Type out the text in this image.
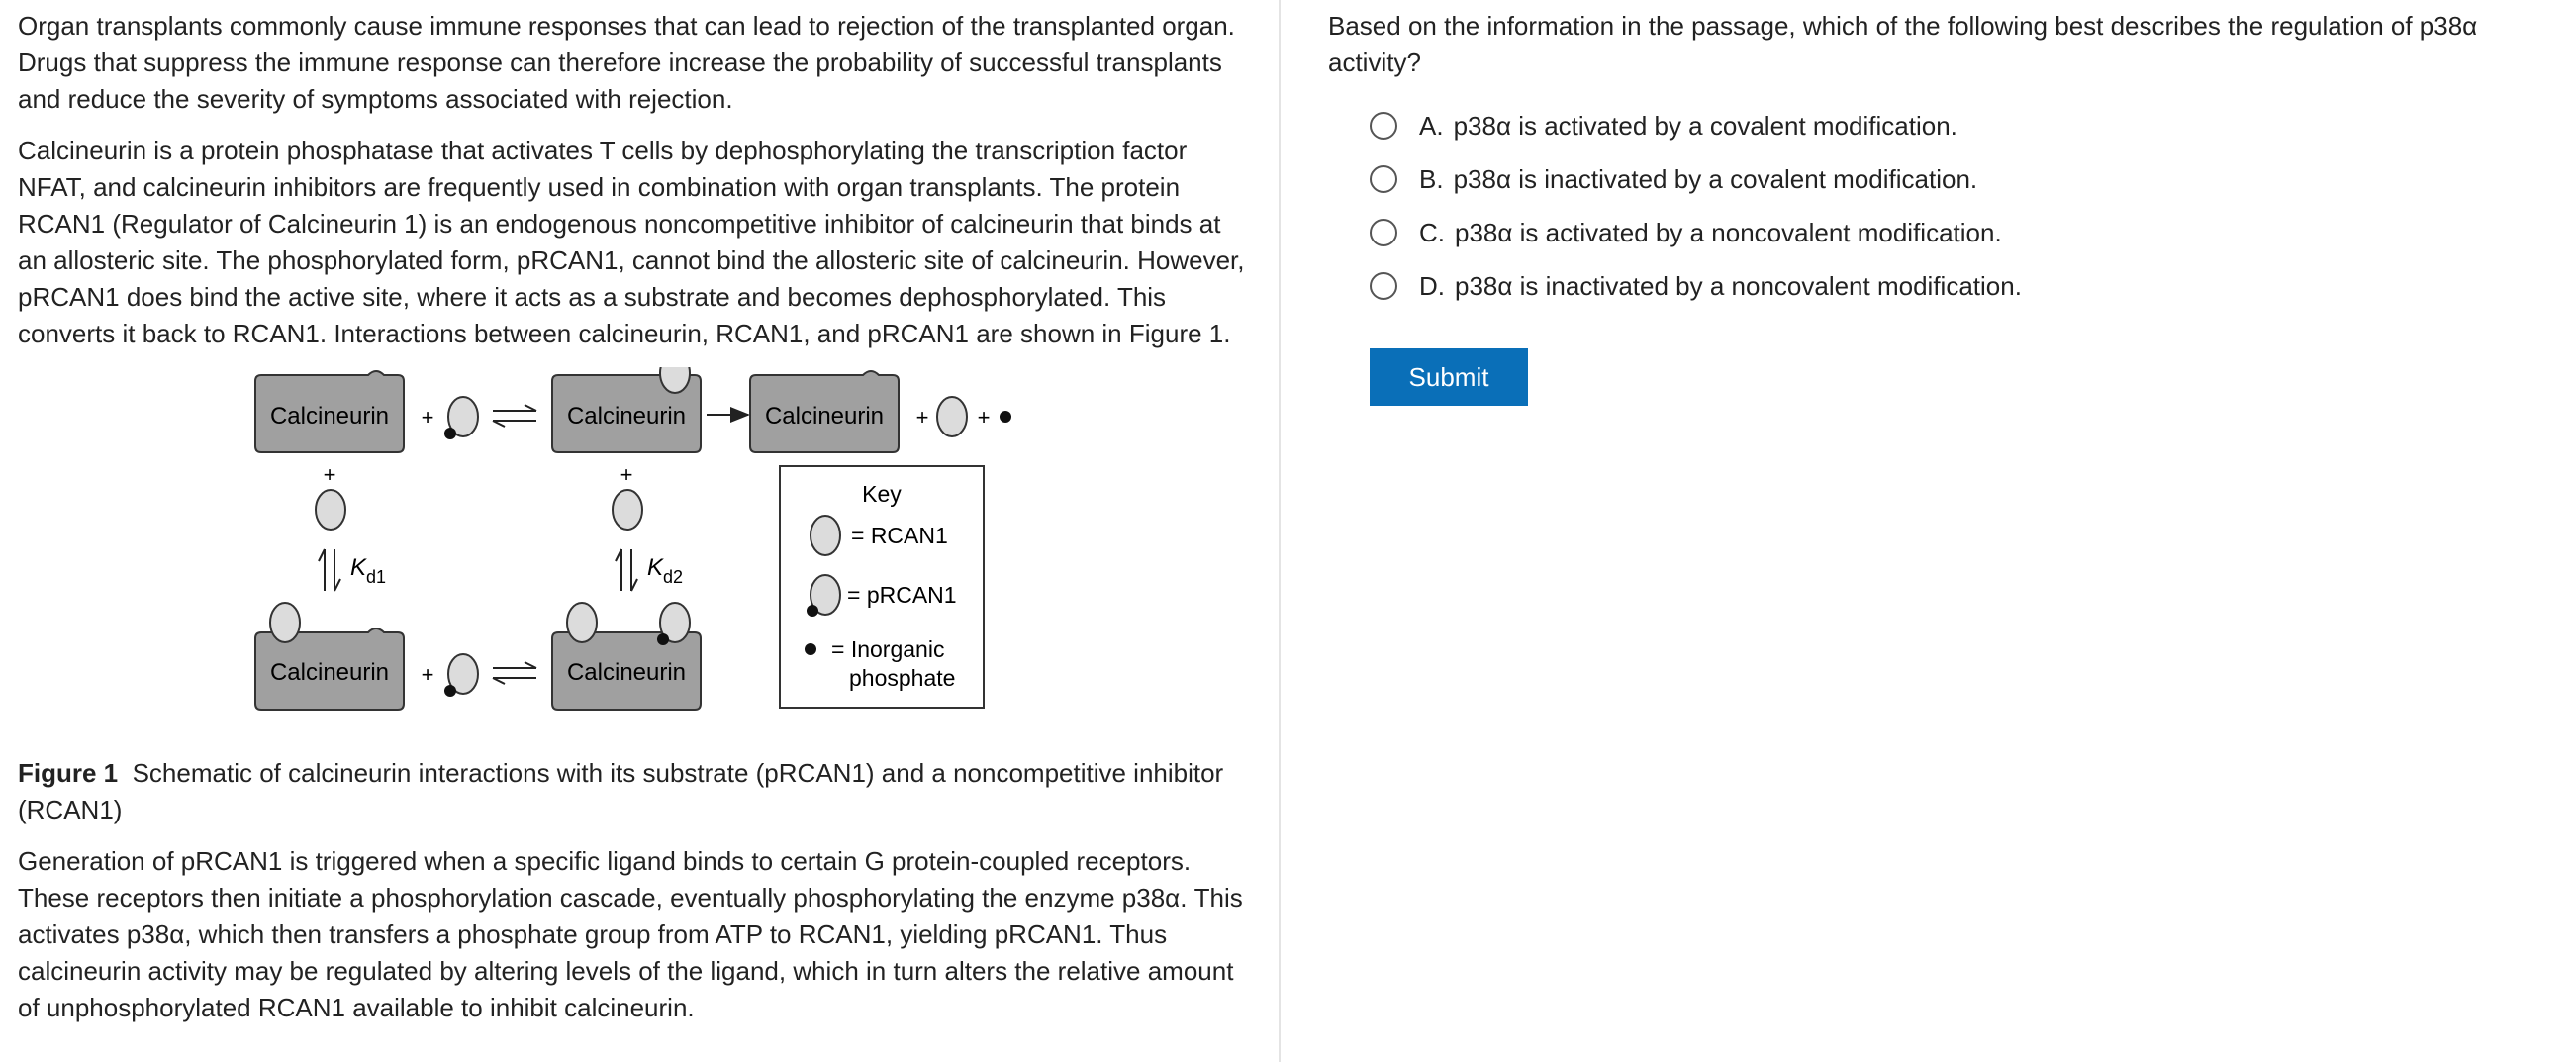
Organ transplants commonly cause immune responses that can lead to rejection of the transplanted organ. Drugs that suppress the immune response can therefore increase the probability of successful transplants and reduce the severity of symptoms associated with rejection.

Calcineurin is a protein phosphatase that activates T cells by dephosphorylating the transcription factor NFAT, and calcineurin inhibitors are frequently used in combination with organ transplants. The protein RCAN1 (Regulator of Calcineurin 1) is an endogenous noncompetitive inhibitor of calcineurin that binds at an allosteric site. The phosphorylated form, pRCAN1, cannot bind the allosteric site of calcineurin. However, pRCAN1 does bind the active site, where it acts as a substrate and becomes dephosphorylated. This converts it back to RCAN1. Interactions between calcineurin, RCAN1, and pRCAN1 are shown in Figure 1.

Calcineurin +	Calcineurin	Calcineurin + +
+
$K_{d1}$
+
$K_{d2}$
Calcineurin +	Calcineurin
Key
= RCAN1
= pRCAN1
= Inorganic
phosphate

Figure 1 Schematic of calcineurin interactions with its substrate (pRCAN1) and a noncompetitive inhibitor (RCAN1)

Generation of pRCAN1 is triggered when a specific ligand binds to certain G protein-coupled receptors. These receptors then initiate a phosphorylation cascade, eventually phosphorylating the enzyme p38α. This activates p38α, which then transfers a phosphate group from ATP to RCAN1, yielding pRCAN1. Thus calcineurin activity may be regulated by altering levels of the ligand, which in turn alters the relative amount of unphosphorylated RCAN1 available to inhibit calcineurin.

Based on the information in the passage, which of the following best describes the regulation of p38α activity?
A. p38α is activated by a covalent modification.
B. p38α is inactivated by a covalent modification.
C. p38α is activated by a noncovalent modification.
D. p38α is inactivated by a noncovalent modification.
Submit
